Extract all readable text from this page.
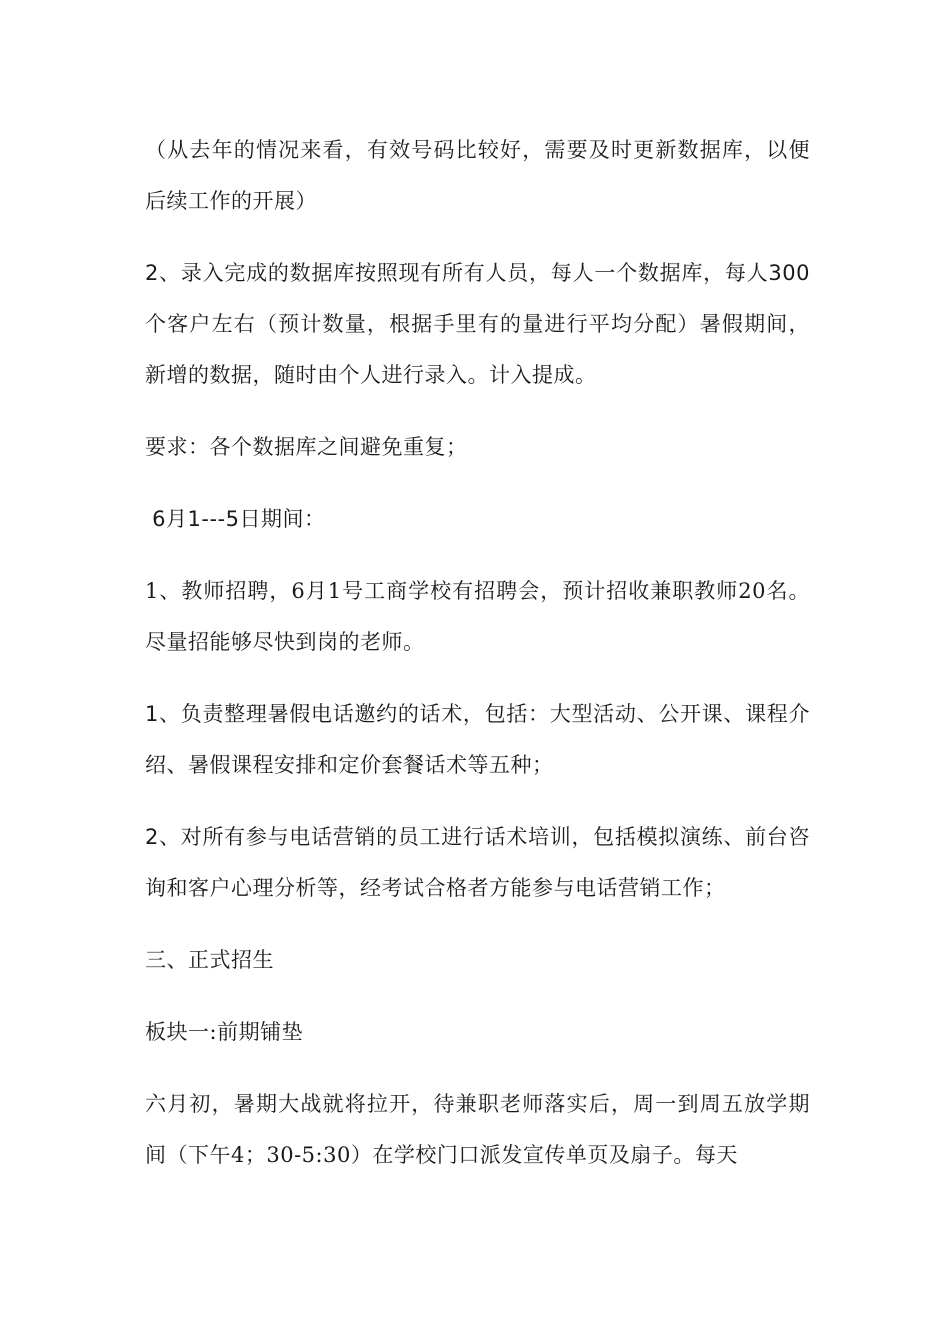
（从去年的情况来看，有效号码比较好，需要及时更新数据库，以便后续工作的开展）

2、录入完成的数据库按照现有所有人员，每人一个数据库，每人300个客户左右（预计数量，根据手里有的量进行平均分配）暑假期间，新增的数据，随时由个人进行录入。计入提成。

要求：各个数据库之间避免重复；

6月1---5日期间：

1、教师招聘，6月1号工商学校有招聘会，预计招收兼职教师20名。尽量招能够尽快到岗的老师。

1、负责整理暑假电话邀约的话术，包括：大型活动、公开课、课程介绍、暑假课程安排和定价套餐话术等五种；

2、对所有参与电话营销的员工进行话术培训，包括模拟演练、前台咨询和客户心理分析等，经考试合格者方能参与电话营销工作；

三、正式招生

板块一:前期铺垫

六月初，暑期大战就将拉开，待兼职老师落实后，周一到周五放学期间（下午4；30-5:30）在学校门口派发宣传单页及扇子。每天
